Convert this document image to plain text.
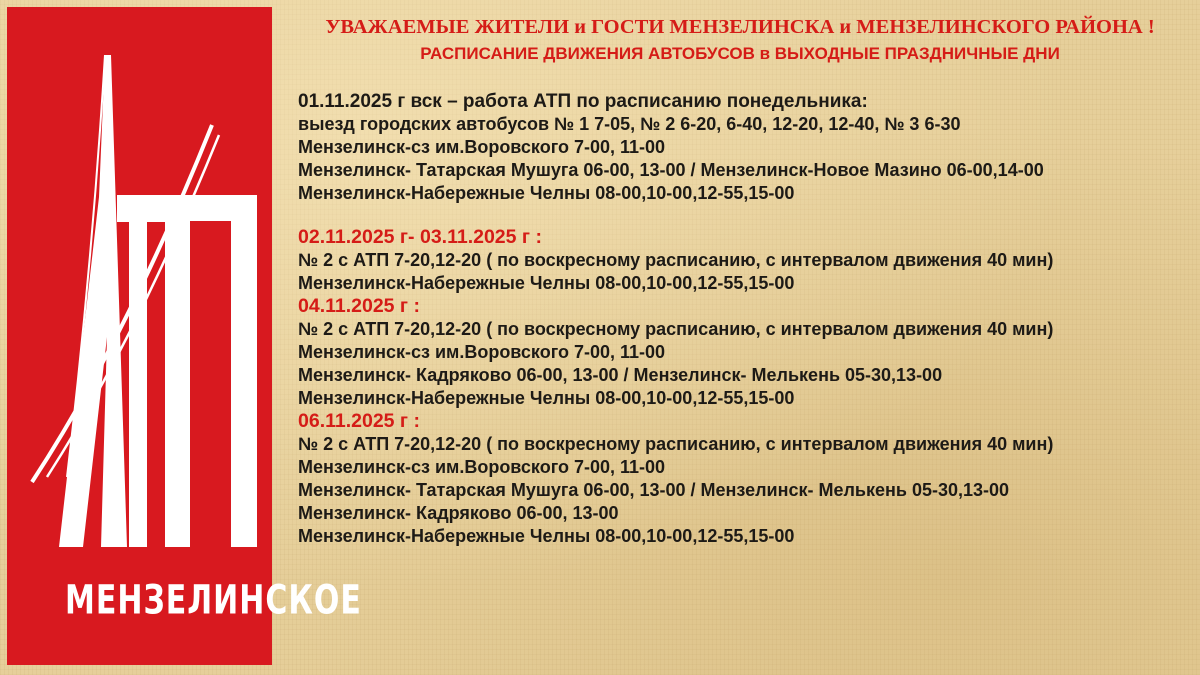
МЕНЗЕЛИНСКОЕ
УВАЖАЕМЫЕ ЖИТЕЛИ и ГОСТИ МЕНЗЕЛИНСКА и МЕНЗЕЛИНСКОГО РАЙОНА !
РАСПИСАНИЕ ДВИЖЕНИЯ АВТОБУСОВ в ВЫХОДНЫЕ ПРАЗДНИЧНЫЕ ДНИ
01.11.2025 г вск – работа АТП по расписанию понедельника:
выезд городских автобусов № 1 7-05, № 2 6-20, 6-40, 12-20, 12-40, № 3 6-30
Мензелинск-сз им.Воровского 7-00, 11-00
Мензелинск- Татарская Мушуга 06-00, 13-00 / Мензелинск-Новое Мазино 06-00,14-00
Мензелинск-Набережные Челны 08-00,10-00,12-55,15-00
02.11.2025 г- 03.11.2025 г :
№ 2 с АТП 7-20,12-20 ( по воскресному расписанию, с интервалом движения 40 мин)
Мензелинск-Набережные Челны 08-00,10-00,12-55,15-00
04.11.2025 г :
№ 2 с АТП 7-20,12-20 ( по воскресному расписанию, с интервалом движения 40 мин)
Мензелинск-сз им.Воровского 7-00, 11-00
Мензелинск- Кадряково 06-00, 13-00 / Мензелинск- Мелькень 05-30,13-00
Мензелинск-Набережные Челны 08-00,10-00,12-55,15-00
06.11.2025 г :
№ 2 с АТП 7-20,12-20 ( по воскресному расписанию, с интервалом движения 40 мин)
Мензелинск-сз им.Воровского 7-00, 11-00
Мензелинск- Татарская Мушуга 06-00, 13-00 / Мензелинск- Мелькень 05-30,13-00
Мензелинск- Кадряково 06-00, 13-00
Мензелинск-Набережные Челны 08-00,10-00,12-55,15-00
